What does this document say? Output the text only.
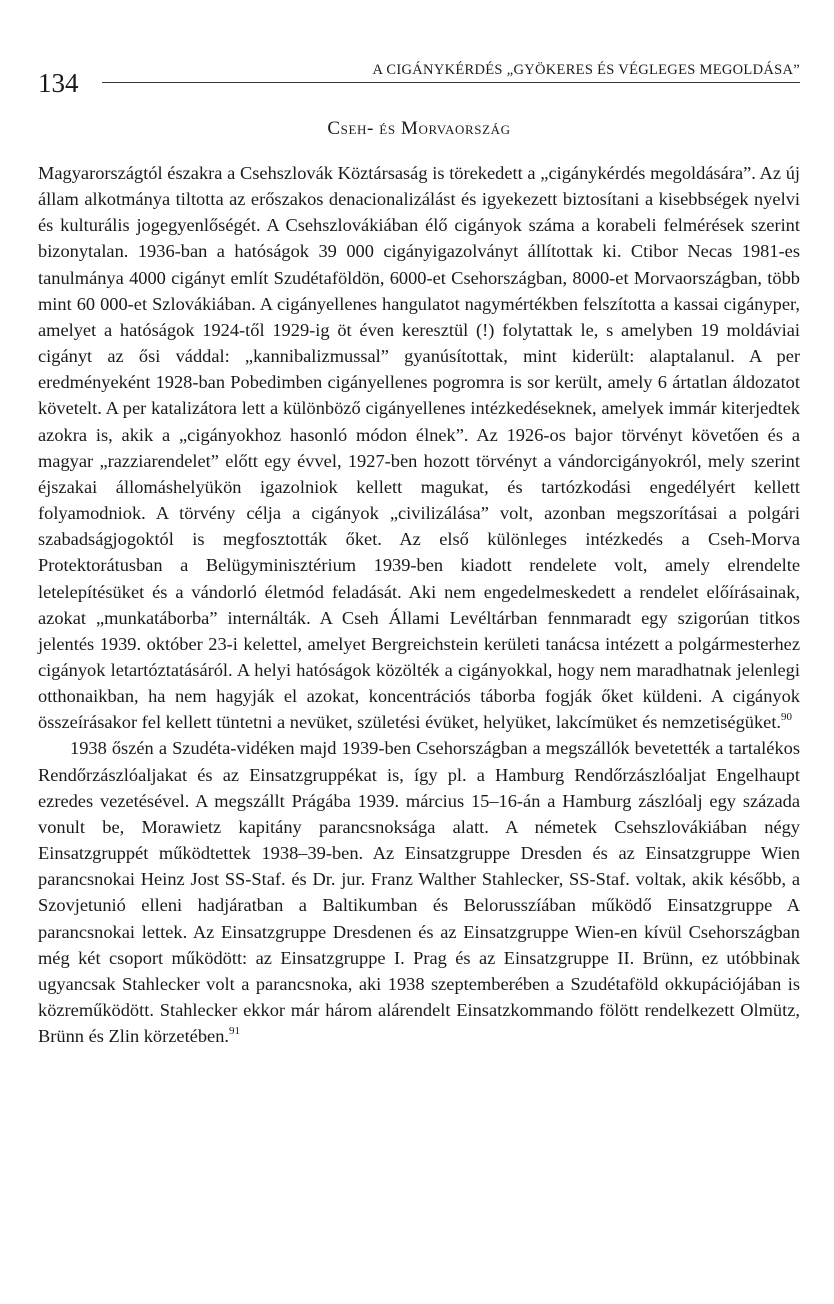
134	A CIGÁNYKÉRDÉS „GYÖKERES ÉS VÉGLEGES MEGOLDÁSA”
Cseh- és Morvaország

Magyarországtól északra a Csehszlovák Köztársaság is törekedett a „cigánykérdés megoldására”. Az új állam alkotmánya tiltotta az erőszakos denacionalizálást és igyekezett biztosítani a kisebbségek nyelvi és kulturális jogegyenlőségét. A Csehszlovákiában élő cigányok száma a korabeli felmérések szerint bizonytalan. 1936-ban a hatóságok 39 000 cigányigazolványt állítottak ki. Ctibor Necas 1981-es tanulmánya 4000 cigányt említ Szudétaföldön, 6000-et Csehországban, 8000-et Morvaországban, több mint 60 000-et Szlovákiában. A cigányellenes hangulatot nagymértékben felszította a kassai cigányper, amelyet a hatóságok 1924-től 1929-ig öt éven keresztül (!) folytattak le, s amelyben 19 moldáviai cigányt az ősi váddal: „kannibalizmussal” gyanúsítottak, mint kiderült: alaptalanul. A per eredményeként 1928-ban Pobedimben cigányellenes pogromra is sor került, amely 6 ártatlan áldozatot követelt. A per katalizátora lett a különböző cigányellenes intézkedéseknek, amelyek immár kiterjedtek azokra is, akik a „cigányokhoz hasonló módon élnek”. Az 1926-os bajor törvényt követően és a magyar „razziarendelet” előtt egy évvel, 1927-ben hozott törvényt a vándorcigányokról, mely szerint éjszakai állomáshelyükön igazolniok kellett magukat, és tartózkodási engedélyért kellett folyamodniok. A törvény célja a cigányok „civilizálása” volt, azonban megszorításai a polgári szabadságjogoktól is megfosztották őket. Az első különleges intézkedés a Cseh-Morva Protektorátusban a Belügyminisztérium 1939-ben kiadott rendelete volt, amely elrendelte letelepítésüket és a vándorló életmód feladását. Aki nem engedelmeskedett a rendelet előírásainak, azokat „munkatáborba” internálták. A Cseh Állami Levéltárban fennmaradt egy szigorúan titkos jelentés 1939. október 23-i kelettel, amelyet Bergreichstein kerületi tanácsa intézett a polgármesterhez cigányok letartóztatásáról. A helyi hatóságok közölték a cigányokkal, hogy nem maradhatnak jelenlegi otthonaikban, ha nem hagyják el azokat, koncentrációs táborba fogják őket küldeni. A cigányok összeírásakor fel kellett tüntetni a nevüket, születési évüket, helyüket, lakcímüket és nemzetiségüket.$^{90}$

1938 őszén a Szudéta-vidéken majd 1939-ben Csehországban a megszállók bevetették a tartalékos Rendőrzászlóaljakat és az Einsatzgruppékat is, így pl. a Hamburg Rendőrzászlóaljat Engelhaupt ezredes vezetésével. A megszállt Prágába 1939. március 15–16-án a Hamburg zászlóalj egy százada vonult be, Morawietz kapitány parancsnoksága alatt. A németek Csehszlovákiában négy Einsatzgruppét működtettek 1938–39-ben. Az Einsatzgruppe Dresden és az Einsatzgruppe Wien parancsnokai Heinz Jost SS-Staf. és Dr. jur. Franz Walther Stahlecker, SS-Staf. voltak, akik később, a Szovjetunió elleni hadjáratban a Baltikumban és Belorusszíában működő Einsatzgruppe A parancsnokai lettek. Az Einsatzgruppe Dresdenen és az Einsatzgruppe Wien-en kívül Csehországban még két csoport működött: az Einsatzgruppe I. Prag és az Einsatzgruppe II. Brünn, ez utóbbinak ugyancsak Stahlecker volt a parancsnoka, aki 1938 szeptemberében a Szudétaföld okkupációjában is közreműködött. Stahlecker ekkor már három alárendelt Einsatzkommando fölött rendelkezett Olmütz, Brünn és Zlin körzetében.$^{91}$
